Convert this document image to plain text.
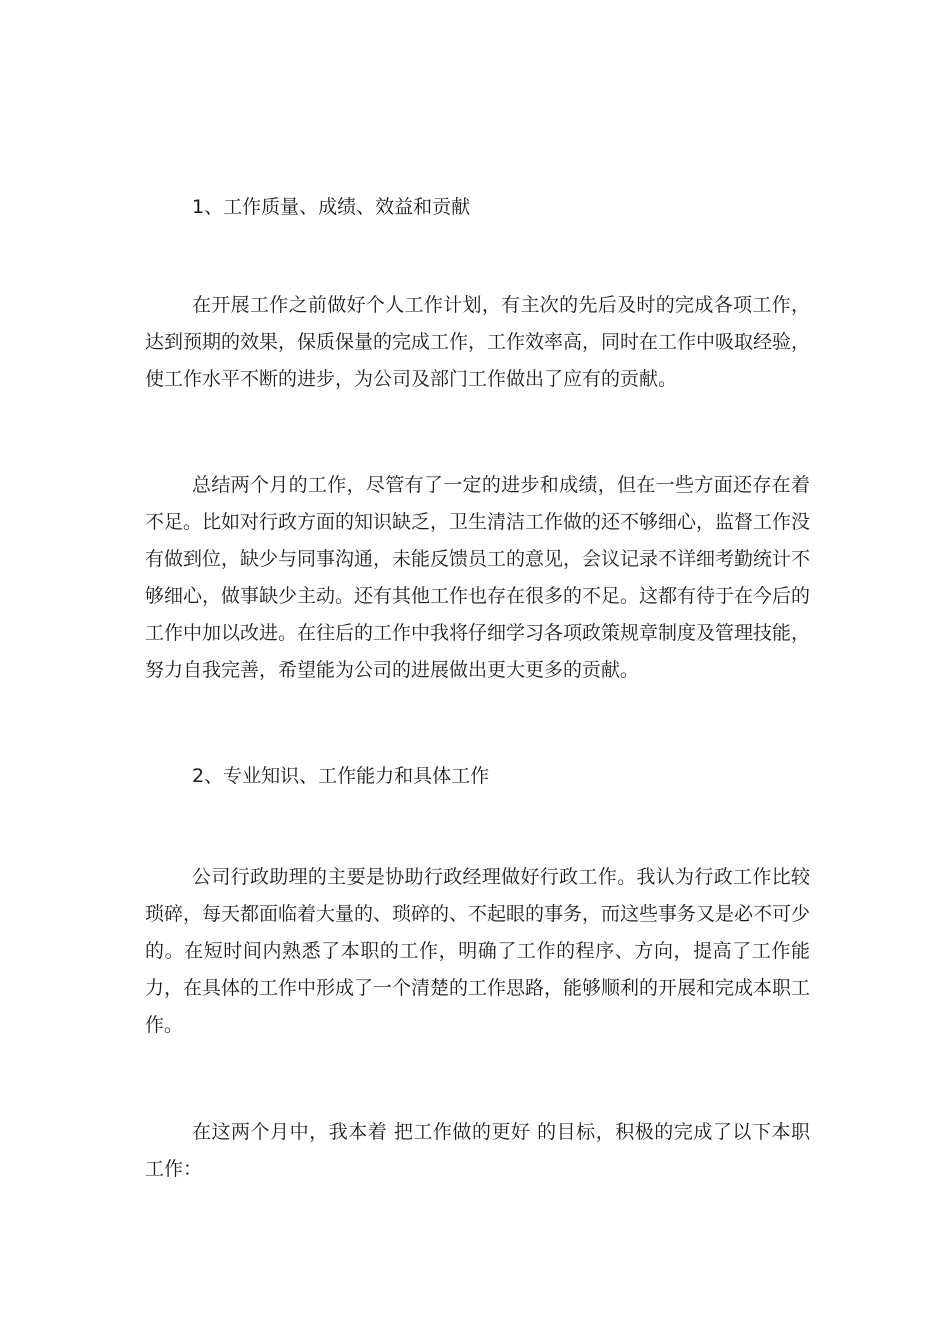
1、工作质量、成绩、效益和贡献

在开展工作之前做好个人工作计划，有主次的先后及时的完成各项工作，达到预期的效果，保质保量的完成工作，工作效率高，同时在工作中吸取经验，使工作水平不断的进步，为公司及部门工作做出了应有的贡献。

总结两个月的工作，尽管有了一定的进步和成绩，但在一些方面还存在着不足。比如对行政方面的知识缺乏，卫生清洁工作做的还不够细心，监督工作没有做到位，缺少与同事沟通，未能反馈员工的意见，会议记录不详细考勤统计不够细心，做事缺少主动。还有其他工作也存在很多的不足。这都有待于在今后的工作中加以改进。在往后的工作中我将仔细学习各项政策规章制度及管理技能，努力自我完善，希望能为公司的进展做出更大更多的贡献。

2、专业知识、工作能力和具体工作

公司行政助理的主要是协助行政经理做好行政工作。我认为行政工作比较琐碎，每天都面临着大量的、琐碎的、不起眼的事务，而这些事务又是必不可少的。在短时间内熟悉了本职的工作，明确了工作的程序、方向，提高了工作能力，在具体的工作中形成了一个清楚的工作思路，能够顺利的开展和完成本职工作。

在这两个月中，我本着 把工作做的更好 的目标，积极的完成了以下本职工作：
